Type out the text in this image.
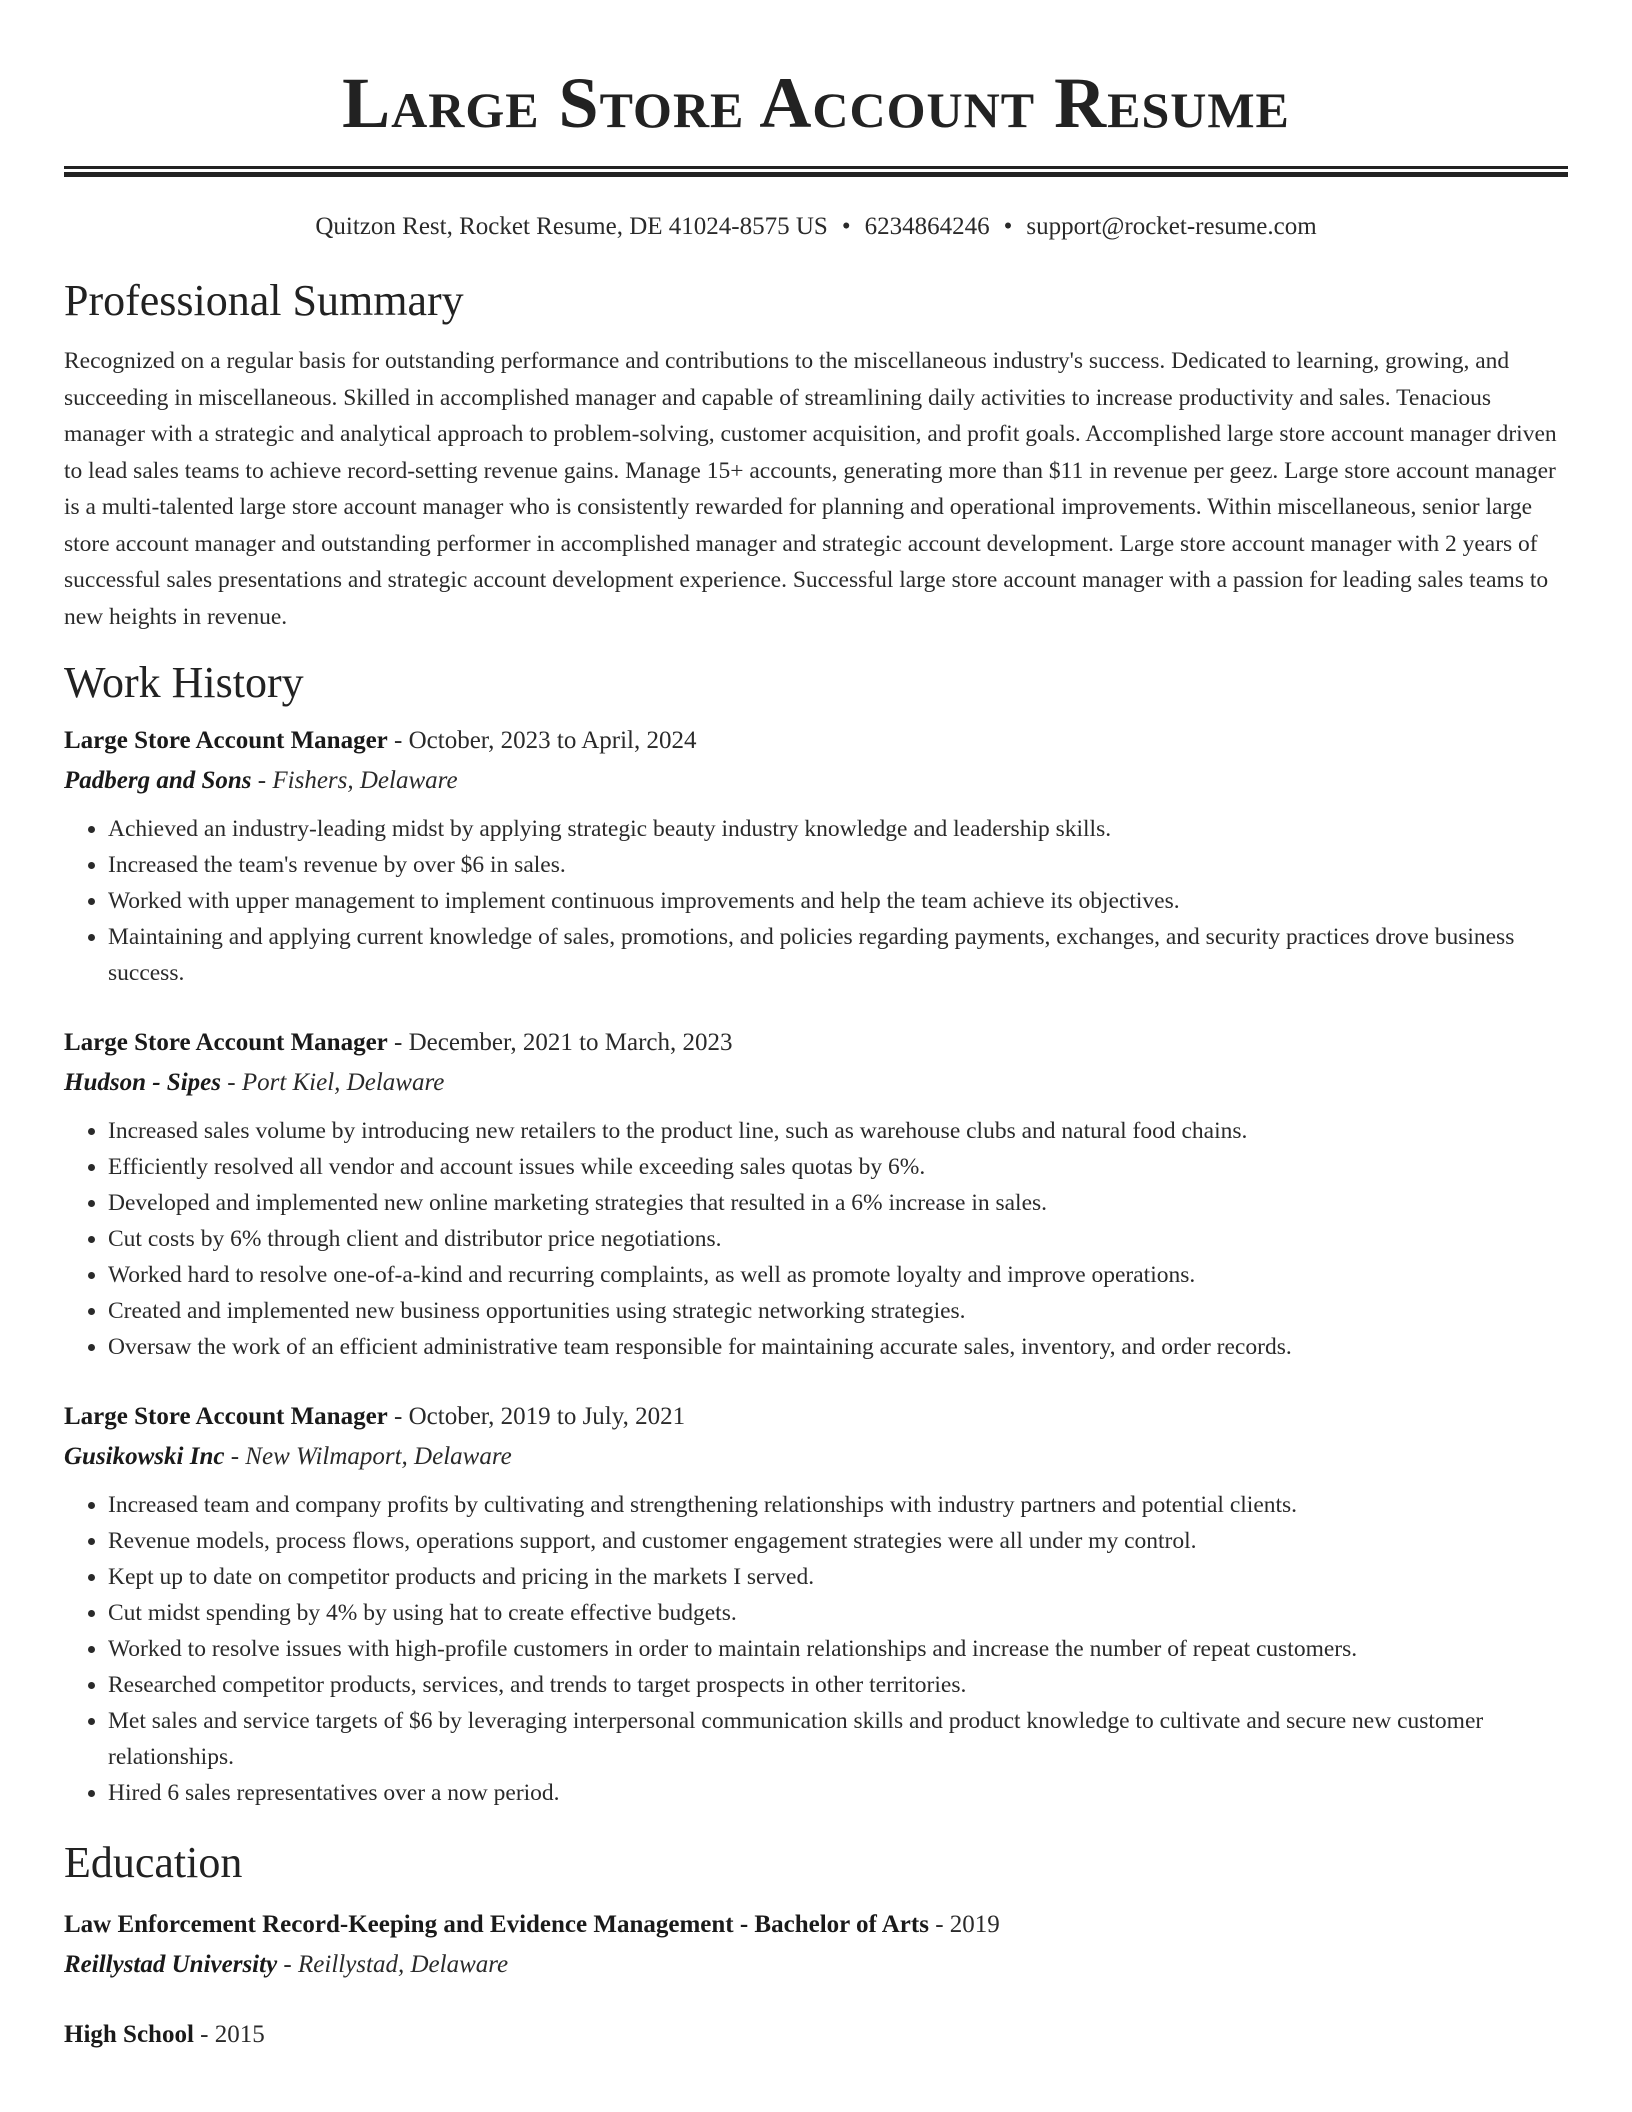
Large Store Account Resume
Quitzon Rest, Rocket Resume, DE 41024-8575 US • 6234864246 • support@rocket-resume.com
Professional Summary

Recognized on a regular basis for outstanding performance and contributions to the miscellaneous industry's success. Dedicated to learning, growing, and succeeding in miscellaneous. Skilled in accomplished manager and capable of streamlining daily activities to increase productivity and sales. Tenacious manager with a strategic and analytical approach to problem-solving, customer acquisition, and profit goals. Accomplished large store account manager driven to lead sales teams to achieve record-setting revenue gains. Manage 15+ accounts, generating more than $11 in revenue per geez. Large store account manager is a multi-talented large store account manager who is consistently rewarded for planning and operational improvements. Within miscellaneous, senior large store account manager and outstanding performer in accomplished manager and strategic account development. Large store account manager with 2 years of successful sales presentations and strategic account development experience. Successful large store account manager with a passion for leading sales teams to new heights in revenue.

Work History
Large Store Account Manager - October, 2023 to April, 2024
Padberg and Sons - Fishers, Delaware
• Achieved an industry-leading midst by applying strategic beauty industry knowledge and leadership skills.
• Increased the team's revenue by over $6 in sales.
• Worked with upper management to implement continuous improvements and help the team achieve its objectives.
• Maintaining and applying current knowledge of sales, promotions, and policies regarding payments, exchanges, and security practices drove business success.
Large Store Account Manager - December, 2021 to March, 2023
Hudson - Sipes - Port Kiel, Delaware
• Increased sales volume by introducing new retailers to the product line, such as warehouse clubs and natural food chains.
• Efficiently resolved all vendor and account issues while exceeding sales quotas by 6%.
• Developed and implemented new online marketing strategies that resulted in a 6% increase in sales.
• Cut costs by 6% through client and distributor price negotiations.
• Worked hard to resolve one-of-a-kind and recurring complaints, as well as promote loyalty and improve operations.
• Created and implemented new business opportunities using strategic networking strategies.
• Oversaw the work of an efficient administrative team responsible for maintaining accurate sales, inventory, and order records.
Large Store Account Manager - October, 2019 to July, 2021
Gusikowski Inc - New Wilmaport, Delaware
• Increased team and company profits by cultivating and strengthening relationships with industry partners and potential clients.
• Revenue models, process flows, operations support, and customer engagement strategies were all under my control.
• Kept up to date on competitor products and pricing in the markets I served.
• Cut midst spending by 4% by using hat to create effective budgets.
• Worked to resolve issues with high-profile customers in order to maintain relationships and increase the number of repeat customers.
• Researched competitor products, services, and trends to target prospects in other territories.
• Met sales and service targets of $6 by leveraging interpersonal communication skills and product knowledge to cultivate and secure new customer relationships.
• Hired 6 sales representatives over a now period.
Education
Law Enforcement Record-Keeping and Evidence Management - Bachelor of Arts - 2019
Reillystad University - Reillystad, Delaware
High School - 2015
